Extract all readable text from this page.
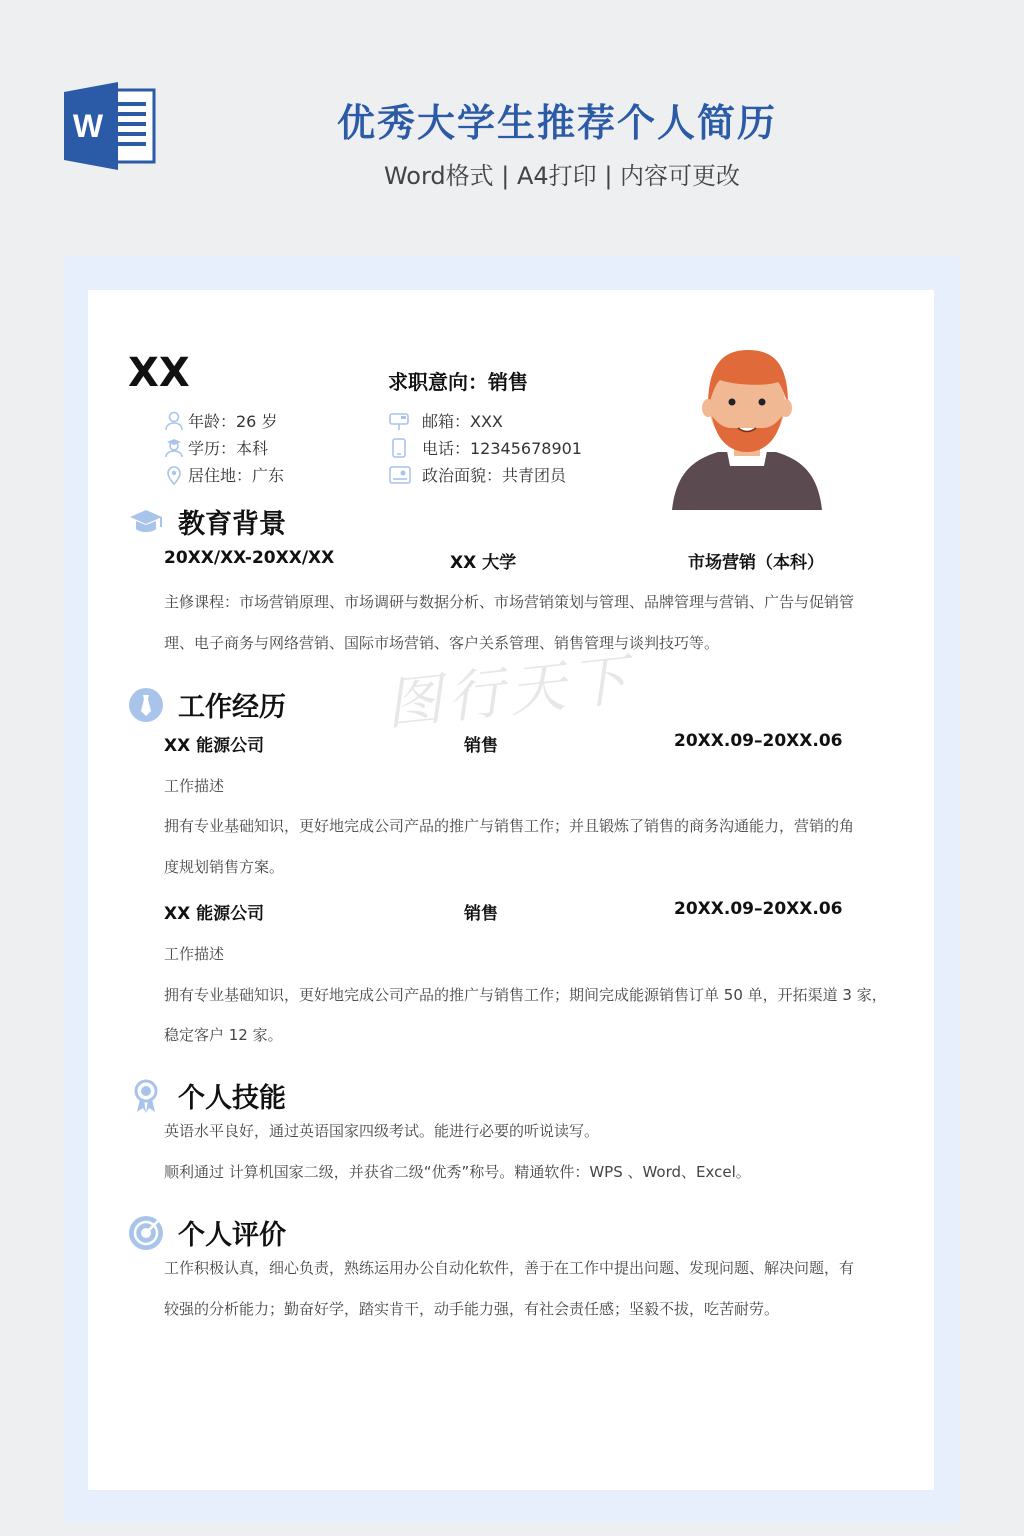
W	优秀大学生推荐个人简历
Word格式 | A4打印 | 内容可更改
XX	求职意向：销售
年龄：26 岁
学历：本科
居住地：广东
邮箱：XXX
电话：12345678901
政治面貌：共青团员
教育背景
20XX/XX-20XX/XX	XX 大学	市场营销（本科）
主修课程：市场营销原理、市场调研与数据分析、市场营销策划与管理、品牌管理与营销、广告与促销管
理、电子商务与网络营销、国际市场营销、客户关系管理、销售管理与谈判技巧等。
工作经历
XX 能源公司	销售	20XX.09–20XX.06
工作描述
拥有专业基础知识，更好地完成公司产品的推广与销售工作；并且锻炼了销售的商务沟通能力，营销的角
度规划销售方案。
XX 能源公司	销售	20XX.09–20XX.06
工作描述
拥有专业基础知识，更好地完成公司产品的推广与销售工作；期间完成能源销售订单 50 单，开拓渠道 3 家，
稳定客户 12 家。
个人技能
英语水平良好，通过英语国家四级考试。能进行必要的听说读写。
顺利通过 计算机国家二级，并获省二级“优秀”称号。精通软件：WPS 、Word、Excel。
个人评价
工作积极认真，细心负责，熟练运用办公自动化软件，善于在工作中提出问题、发现问题、解决问题，有
较强的分析能力；勤奋好学，踏实肯干，动手能力强，有社会责任感；坚毅不拔，吃苦耐劳。
图行天下
